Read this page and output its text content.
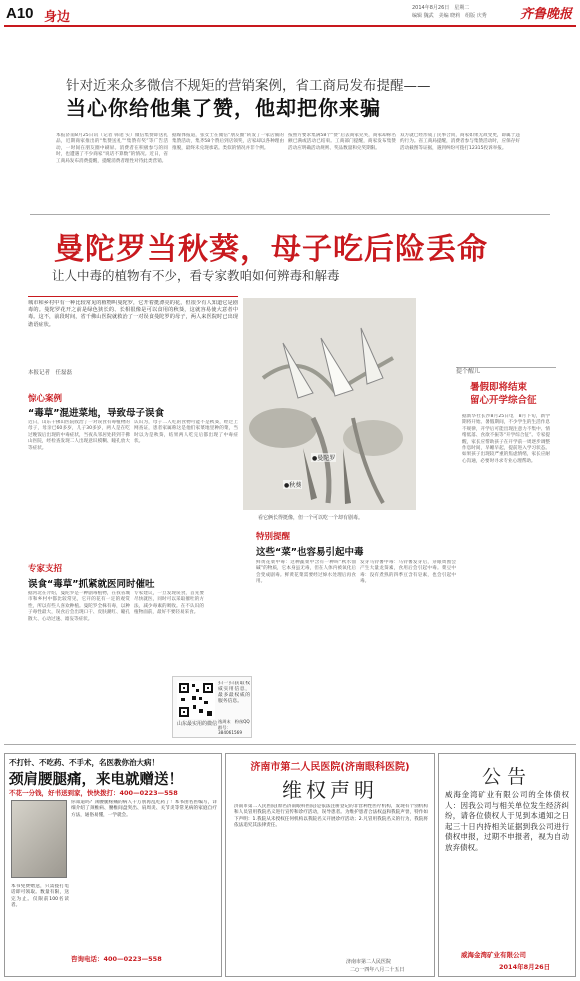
A10 身边
2014年8月26日　星期二
编辑 魏武　美编 晓莉　组版 庆秀	齐鲁晚报
针对近来众多微信不规矩的营销案例，省工商局发布提醒——
当心你给他集了赞，他却把你来骗
本报济南8月25日讯（记者 韩逵 实）微信集赞即送礼品，近期商家推出的“集赞送礼”“集赞有奖”等广告活动，一时间在朋友圈中刷屏。消费者在积极参与的同时，也遭遇了不少商家“说话不算数”的情况。近日，省工商局发布消费提醒，提醒消费者理性对待此类营销。
据媒体报道，张女士在微信“朋友圈”转发了一家店铺的集赞活动，集齐58个赞后到店领奖，店家却以各种理由推脱，最终未兑现承诺。类似的情况并非个例。
按照方要求集满58个“赞”后去商家兑奖，商家却称名额已满或活动已结束。工商部门提醒，商家发布集赞活动应明确活动规则、奖品数量和兑奖期限。
双方就已经形成了民事合同，商家如果无故变更，即属于违约行为。省工商局提醒，消费者参与集赞活动时，应保存好活动截图等证据，遇到纠纷可拨打12315投诉举报。
曼陀罗当秋葵，母子吃后险丢命
让人中毒的植物有不少，看专家教咱如何辨毒和解毒
城市和乡村中有一种比较常见的植物叫曼陀罗，它开着挺漂亮的花，但很少有人知道它是剧毒的。曼陀罗花开之前是绿色狭长的、长相很像是可以食用的秋葵，这就容易使大意者中毒。这不，前段时间，省千佛山医院就救治了一对误食曼陀罗的母子，两人来医院时已出现谵语症状。
本报记者　任磊磊
●曼陀罗
●秋葵
看它俩长得挺像，但一个可以吃一个却有剧毒。
惊心案例
“毒草”混进菜地，导致母子误食
近日，山东千佛山医院收治了一对误食有毒植物的母子，母亲已60多岁，儿子30多岁，两人是在吃过晚饭后出现的中毒症状，当夜从邻居处转到千佛山医院，经检查发现二人出现意识模糊、瞳孔放大等症状。
认识为，母子二人吃的食物可能不是秋葵，经过上网查证，患者家属称这是他们家菜地里种的菜，当时以为是秋葵，结果两人吃完后都出现了中毒症状。
专家支招
误食“毒草”抓紧就医同时催吐
据河北在介绍，曼陀罗是一种剧毒植物，在我省城市和乡村中都比较常见，它开的花有一定的观赏性，所以有些人喜欢种植。曼陀罗全株有毒，以种子毒性最大，误食后会出现口干、皮肤潮红、瞳孔散大、心动过速、谵妄等症状。
专家建议，一旦发现误食，首先要尽快就医，同时可以采取催吐的方法，减少毒素的吸收。在不认识的植物面前，最好不要轻易采食。
扫一扫获取权威实用信息，最多最权威的服务信息。
山东最实用的微信 逸周末　粉丝QQ群号：384061569
特别提醒
这些“菜”也容易引起中毒
鲜黄花菜中毒：这种蔬菜中含有一种叫“秋水仙碱”的物质，它本身虽无毒，但在人体内被氧化后会变成剧毒。鲜黄花菜需要经过焯水处理后再食用。
发芽马铃薯中毒：马铃薯发芽后，芽眼周围会产生大量龙葵素，食用后会引起中毒。菜豆中毒：没有煮熟的四季豆含有皂素，也会引起中毒。
提个醒儿
暑假即将结束
留心开学综合征
据新华社长沙8月25日电　8月下旬，新学期将开始。暑假期间，不少学生的生活作息不规律，开学后可能出现注意力不集中、情绪低落、食欲不振等“开学综合征”。专家提醒，家长应帮助孩子在开学前一周逐步调整作息时间，早睡早起，提前进入学习状态。如果孩子出现较严重的焦虑情绪，家长应耐心沟通，必要时寻求专业心理帮助。
不打针、不吃药、不手术，名医教你治大病！
颈肩腰腿痛，来电就赠送！
不花一分钱，好书送到家，快快拨打：400—0223—558
你知道吗？颈腰腿疼痛的病人千万别再乱吃药了！本书由名医编写，详细介绍了颈椎病、腰椎间盘突出、肩周炎、关节炎等常见病的家庭自疗方法，通俗易懂，一学就会。
本书免费赠送，只需拨打电话即可领取。数量有限，送完为止。仅限前100名读者。
咨询电话：400—0223—558
济南市第二人民医院(济南眼科医院)
维权声明
济南市第二人民医院(原名济南眼科医院)是依法注册登记的非营利性医疗机构，发现有个别机构和人员冒用我院名义进行宣传和诊疗活动，误导患者。为维护患者合法权益和我院声誉，特作如下声明：1.我院从未授权任何机构以我院名义开展诊疗活动；2.凡冒用我院名义的行为，我院将依法追究其法律责任。
济南市第二人民医院
二○一四年八月二十五日
公告
威海金湾矿业有限公司的全体债权人：因我公司与相关单位发生经济纠纷，请各位债权人于见到本通知之日起三十日内持相关证据到我公司进行债权申报，过期不申报者，视为自动放弃债权。
威海金湾矿业有限公司
2014年8月26日
